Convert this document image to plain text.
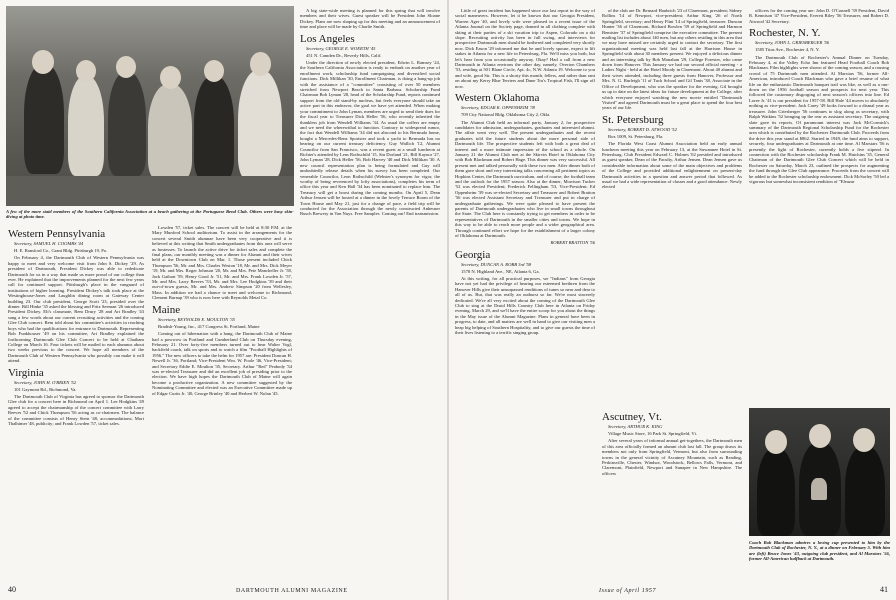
A few of the more staid members of the Southern California Association at a beach gathering at the Portuguese Bend Club. Others were busy skin-diving at photo time.
Western Pennsylvania

Secretary, SAMUEL H. COOMBS '44

H. E. Ransford Co., Grant Bldg. Pittsburgh 19, Pa.

On February 4, the Dartmouth Club of Western Pennsylvania was happy to meet and very welcome visit from John S. Dickey '29. As president of Dartmouth, President Dickey was able to rededicate Dartmouth for us in a way that made us more proud of our college than ever. He explained that the improvements planned for the next few years call for continued support. Pittsburgh's place in the vanguard of institutions of higher learning. President Dickey's talk took place at the Westinghouse-Jones and Laughlin dining room at Gateway Center building 23. Our club president, George Scott '23, presided over the dinner. Bill Hinke '35 asked the blessing and Fritz Seeman '26 introduced President Dickey. Eli's classmate, Rem Drury '28 and Art Bradley '43 sang a few words about our current recruiting activities and the coming Glee Club concert. Rem told about his committee's activities in reaching boys who had the qualifications for entrance to Dartmouth. Representing Bob Funkhouser '49 on his committee, Art Bradley explained the forthcoming Dartmouth Glee Club Concert to be held at Chatham College on March 16. Four tickets will be mailed to each alumnus about two weeks previous to the concert. We hope all members of the Dartmouth Club of Western Pennsylvania who possibly can make it will attend.

Virginia

Secretary, JOHN H. O'BRIEN '52

101 Gaymont Rd., Richmond, Va.

The Dartmouth Club of Virginia has agreed to sponsor the Dartmouth Glee club for a concert here in Richmond on April 1. Lee Hodgkins '49 agreed to accept the chairmanship of the concert committee with Larry Reeves '52 and Chick Thompson '56 acting as co-chairmen. The balance of the committee consists of Henry Stern '48, accommodations; Mort Thalhimer '48, publicity; and Frank Lowden '57, ticket sales.

Lowden '57, ticket sales. The concert will be held at 8:30 P.M. at the Mary Munford School auditorium. To assist in the arrangements for the concert several Smith alumnae have been very cooperative and it is believed at this writing that Smith undergraduates from this area will serve as hostesses. To launch the active drive for ticket sales and complete the final plans, our monthly meeting was a dinner for Alumni and their wives held at the Downtown Club on Mar. 1. Those present included Chick Thompson '56, Mr. and Mrs. Charles Weston '18, Mr. and Mrs. Dick Meyer '19, Mr. and Mrs. Roger Johnson '20, Mr. and Mrs. Pete Mancheller Jr. '58, Jack Gathart '59, Henry Good Jr. '51, Mr. and Mrs. Frank Lowden Jr. '57, Mr. and Mrs. Larry Reeves '53, Mr. and Mrs. Lee Hodgkins '39 and their out-of-town guests, Mr. and Mrs. Andrew Simpson '20 from Wellesley, Mass. In addition we had a chance to meet and welcome to Richmond, Clement Burnap '39 who is now here with Reynolds Metal Co.

Maine

Secretary, REYNOLDS E. MOULTON '35

Bradish-Young, Inc., 417 Congress St. Portland, Maine

Coming out of hibernation with a bang, the Dartmouth Club of Maine had a powwow in Portland and Cumberland Club on Thursday evening, February 21. Over forty-five members turned out to hear Walter Vogl, backfield coach, talk on sports and to watch a film "Football Highlights of 1956." The new officers to take the helm for 1957 are: President Duncan H. Newell Jr. '36, Portland; Vice-President Wm. W. Poole '46, Vice-President; and Secretary Eddie E. Moulton '35, Secretary. Arthur "Red" Peabody '34 was re-elected Treasurer and did an excellent job of presiding prior to the election. We have high hopes the Dartmouth Club of Maine will again become a productive organization. A new committee suggested by the Nominating Committee and elected was an Executive Committee made up of Edgar Curtis Jr. '40, George Brinley '40 and Herbert W. Nolan '45.

A big state-wide meeting is planned for this spring that will involve members and their wives. Guest speaker will be President John Sloane Dickey. Plans are now shaping up for this meeting and an announcement of time and place will be made by Charlie Smith.

Los Angeles

Secretary, GEORGE E. WOERTH '45

451 N. Camden Dr., Beverly Hills, Calif.

Under the direction of newly elected president, Edwin L. Ramsey '24, the Southern California Association is ready to embark on another year of enrollment work, scholarship fund campaigning and diversified social functions. Dick Millikan '30, Enrollment Chairman, is doing a bang-up job with the assistance of a "committee" consisting of over 50 members stretched from Newport Beach to Santa Barbara. Scholarship Fund Chairman Bob Lyman '28, head of the Scholarship Fund, reports continued support from the old stand-by nucleus, but feels everyone should take an active part in this endeavor, the goal we have yet attended. When making your commitment to John Lyman, members are urged to send their dues for the fiscal year to Treasurer Dick Heller '56, who recently inherited the thankless job from Wendell Williams '34. As usual the coffers are empty and we need the wherewithal to function. Contrary to widespread rumor, the fact that Wendell Williams '34 did not abscond to his Bermuda home, bought a Mercedes-Benz Sportster and took a yacht to Bermuda has no bearing on our current treasury deficiency. Guy Wallich '12, Alumni Councilor from San Francisco, was a recent guest at a small luncheon at Richter's attended by Lens Rothschild '15, Stu Dorland '21, Bill Kaynor '27, John Lyman '28, Dick Heller '56, Bob Harvey '40 and Dick Millikan '30. A new council representation plan is being formulated and Guy will undoubtedly release details when his survey has been completed. Our venerable Councilor, Leon Rothschild (Webster's synonym for vigor, the worthy of being reverenced by lofty associations), completes his term of office this year and Ken Hall '34 has been nominated to replace him. The Treasury will get a boost during the coming months. On April 5, Dean Arthur Jensen will be hosted at a dinner in the lovely Terrace Room of the Town House and May 21, just for a change of pace, a field trip will be conducted for the Association through the newly constructed Anheuser Busch Brewery in Van Nuys. Free Samples. Coming out! End transmission.

40	DARTMOUTH ALUMNI MAGAZINE

Little of great incident has happened since our last report in the way of social maneuvers. However, let it be known that our Georgia President, Warren Ager '40, and lovely wife were pleased in a recent issue of the Atlanta Journal on the Society page, donned in all clothing complete with skiing at their parties of a ski vacation trip to Aspen, Colorado on a ski slope. Recruiting activity has been in full swing, and interviews for prospective Dartmouth men should be furthered and completed very shortly now. Dick Eason '29 informed me that he and lovely spouse, expect to lift stakes in Atlanta for a new life in Petersburg, Fla. We'll miss you both, but let's hear from you occasionally anyway. Okay? Had a call from a new Dartmouth in Atlanta environs the other day, namely, Overton Chambers '53, residing at 501 Blane Circle, Apt. 4c, N.W. Atlanta 19. Welcome to you and wife, good Sir. This is a shorty this month, fellers, and rather than rant on about my Kerry Blue Terriers and Dune Tru's Tropical Fish, I'll sign off now.

Western Oklahoma

Secretary, EDGAR K. OPPENHEIM '39

709 City National Bldg. Oklahoma City 2, Okla.

The Alumni Club held an informal party, January 2, for prospective candidates for admission, undergraduates, graduates and interested alumni. The affair went very well. The present undergraduates and the recent graduates told the future students about the more personal side of Dartmouth life. The prospective students left with both a great deal of interest and a more intimate impression of the school as a whole. On January 21 the Alumni Club met at the Skirvin Hotel in Oklahoma City with Bob Blackman and Robert Hage. This dinner was very successful. All present met and talked personally with these two men. After dinner both of them gave short and very interesting talks concerning all pertinent topics as Hopkins Center, the Dartmouth curriculum, and of course, the football team and the outlook for the 1957 season. Also at the dinner, Morrison Tucker '52 was elected President; Frederick Fellingham '53, Vice-President; Ed Oppenheim '39 was re-elected Secretary and Treasurer and Robert Bratton '56 was elected Assistant Secretary and Treasurer and put in charge of undergraduate gatherings. We were quite pleased to have present the parents of Dartmouth undergraduates who live in small towns throughout the State. The Club here is constantly trying to get members in order to be representatives of Dartmouth in the smaller cities and towns. We hope in this way to be able to reach more people and a wider geographical area. Through continued effort we hope for the establishment of a larger colony of Oklahoma at Dartmouth.

ROBERT BRATTON '56

Georgia

Secretary, DUNCAN A. ROBB 3rd '58

1578 N. Highland Ave., NE, Atlanta 6, Ga.

At this writing, for all practical purposes, we "Indians" from Georgia have not yet had the privilege of hearing our esteemed brethren from the Hanover Hills give their unsurpassed renditions of tunes so near and dear to all of us. But, that was really an outburst so far. We're most sincerely dedicated. We're all very excited about the coming of the Dartmouth Glee Club to sing at the Druid Hills Country Club here in Atlanta on Friday evening, March 29, and we'll have the entire scoop for you about the things in the May issue of the Alumni Magazine. Plans in general have been in progress, to date, and all matters are well in hand to give our visiting men a heap big helping of Southern Hospitality, and to give our guests the time of their lives listening to a terrific singing group.

of the club are Dr. Bernard Haubrich '23 of Claremont, president; Sidney Rollins '14 of Newport, vice-president; Arthur King '26 of North Springfield, secretary; and Henry Flint '14 of Springfield, treasurer. Duncan Hunter '36 of Claremont, Richard Bowlen '39 of Springfield and Harmon Bemister '37 of Springfield comprise the executive committee. The present mailing list includes about 140 men, but any others residing in this area that we may have missed are certainly urged to contact the secretary. The first organizational meeting was held last fall at the Harrison House in Springfield with about 30 members present. We enjoyed a delicious dinner and an interesting talk by Bob Monahan '29, College Forester, who came down from Hanover. This January we had our second official meeting - a Ladies Night - held at the Hotel Moody in Claremont. About 40 alumni and their wives attended, including three guests from Hanover, Professor and Mrs. N. G. Burleigh '11 of Tuck School and Gil Tanis '38, Associate in the Office of Development, who was the speaker for the evening. Gil brought us up to date on the latest ideas for future development at the College, after which everyone enjoyed watching the new movie entitled "Dartmouth Visited" and agreed Dartmouth must be a great place to spend the four best years of our life.

St. Petersburg

Secretary, ROBERT D. ATWOOD '52

Box 1009, St. Petersburg, Fla.

The Florida West Coast Alumni Association held an early annual luncheon meeting this year on February 13, at the Suwannee Hotel in St. Petersburg. Club President Edward C. Holmes '02 presided and introduced as guest speaker, Dean of the Faculty, Arthur Jensen. Dean Jensen gave us considerable information about some of the main objectives and problems of the College and provided additional enlightenment on present-day Dartmouth activities in a question and answer period that followed. As usual we had a wide representation of classes and a good attendance. Newly elected

officers for the coming year are: John D. O'Connell '39 President, David R. Kennison '47 Vice-President, Everett Riley '56 Treasurer, and Robert D. Atwood '42 Secretary.

Rochester, N. Y.

Secretary, JOHN L. GRIESBERGER '56

1585 Titus Ave., Rochester 4, N. Y.

The Dartmouth Club of Rochester's Annual Dinner on Tuesday, February 4, at the Valley Echo Inn featured Head Football Coach Bob Blackman. Film highlights were shown of the coming season, and a rousing crowd of 75 Dartmouth men attended. Al Marstars '56, former All-American, introduced Coach Blackman who gave a brief resume of what life on the enthusiastic Dartmouth banquet trail was like, as well as a run-down on the 1956 football season and prospects for next year. This followed the customary disgorging of next season's officers into line. Ed Loree Jr. '41 is our president for 1957-58. Bill Hale '44 moves to absolutely nothing as vice-president. Jack Carey '49 looks forward to a dismal year as treasurer. John Griesberger '56 continues to slog along as secretary, with Ralph Watkins '52 bringing up the rear as assistant secretary. The outgoing slate gave its reports. Of paramount interest was Jack McCormick's summary of the Dartmouth Regional Scholarship Fund for the Rochester area which is contributed by the Rochester Dartmouth Club. Proceeds from the drive this year stand at $862. Started in 1949, the fund aims to support, securely, four undergraduates at Dartmouth at one time. Al Marstars '56 is presently the light of Rochester, currently holds a five stipend. In connection with the Rochester scholarship Frank M. Hutchins '35, General Chairman of the Dartmouth Glee Club Concert which will be held in Rochester on Saturday, March 23, outlined the prospects for augmenting the fund through the Glee Club appearance. Proceeds from the concert will be added to the Rochester scholarship endowment. Dick McSorley '50 led a vigorous but somewhat inconsistent rendition of "Eleazar

Ascutney, Vt.

Secretary, ARTHUR K. KING

Village Music Store, 16 Park St. Springfield, Vt.

After several years of informal annual get-togethers, the Dartmouth men of this area officially formed an alumni club last fall. The group draws its members not only from Springfield, Vermont, but also from surrounding towns in the general vicinity of Ascutney Mountain, such as Reading, Perkinsville, Chester, Windsor, Woodstock, Bellows Falls, Vermont, and Claremont, Plainfield, Newport and Sunapee in New Hampshire. The officers

Coach Bob Blackman admires a loving cup presented to him by the Dartmouth Club of Rochester, N. Y., at a dinner on February 5. With him are (left) Bruce Jones '43, outgoing club president, and Al Marstars '56, former All-American halfback at Dartmouth.
Issue of April 1957	41
